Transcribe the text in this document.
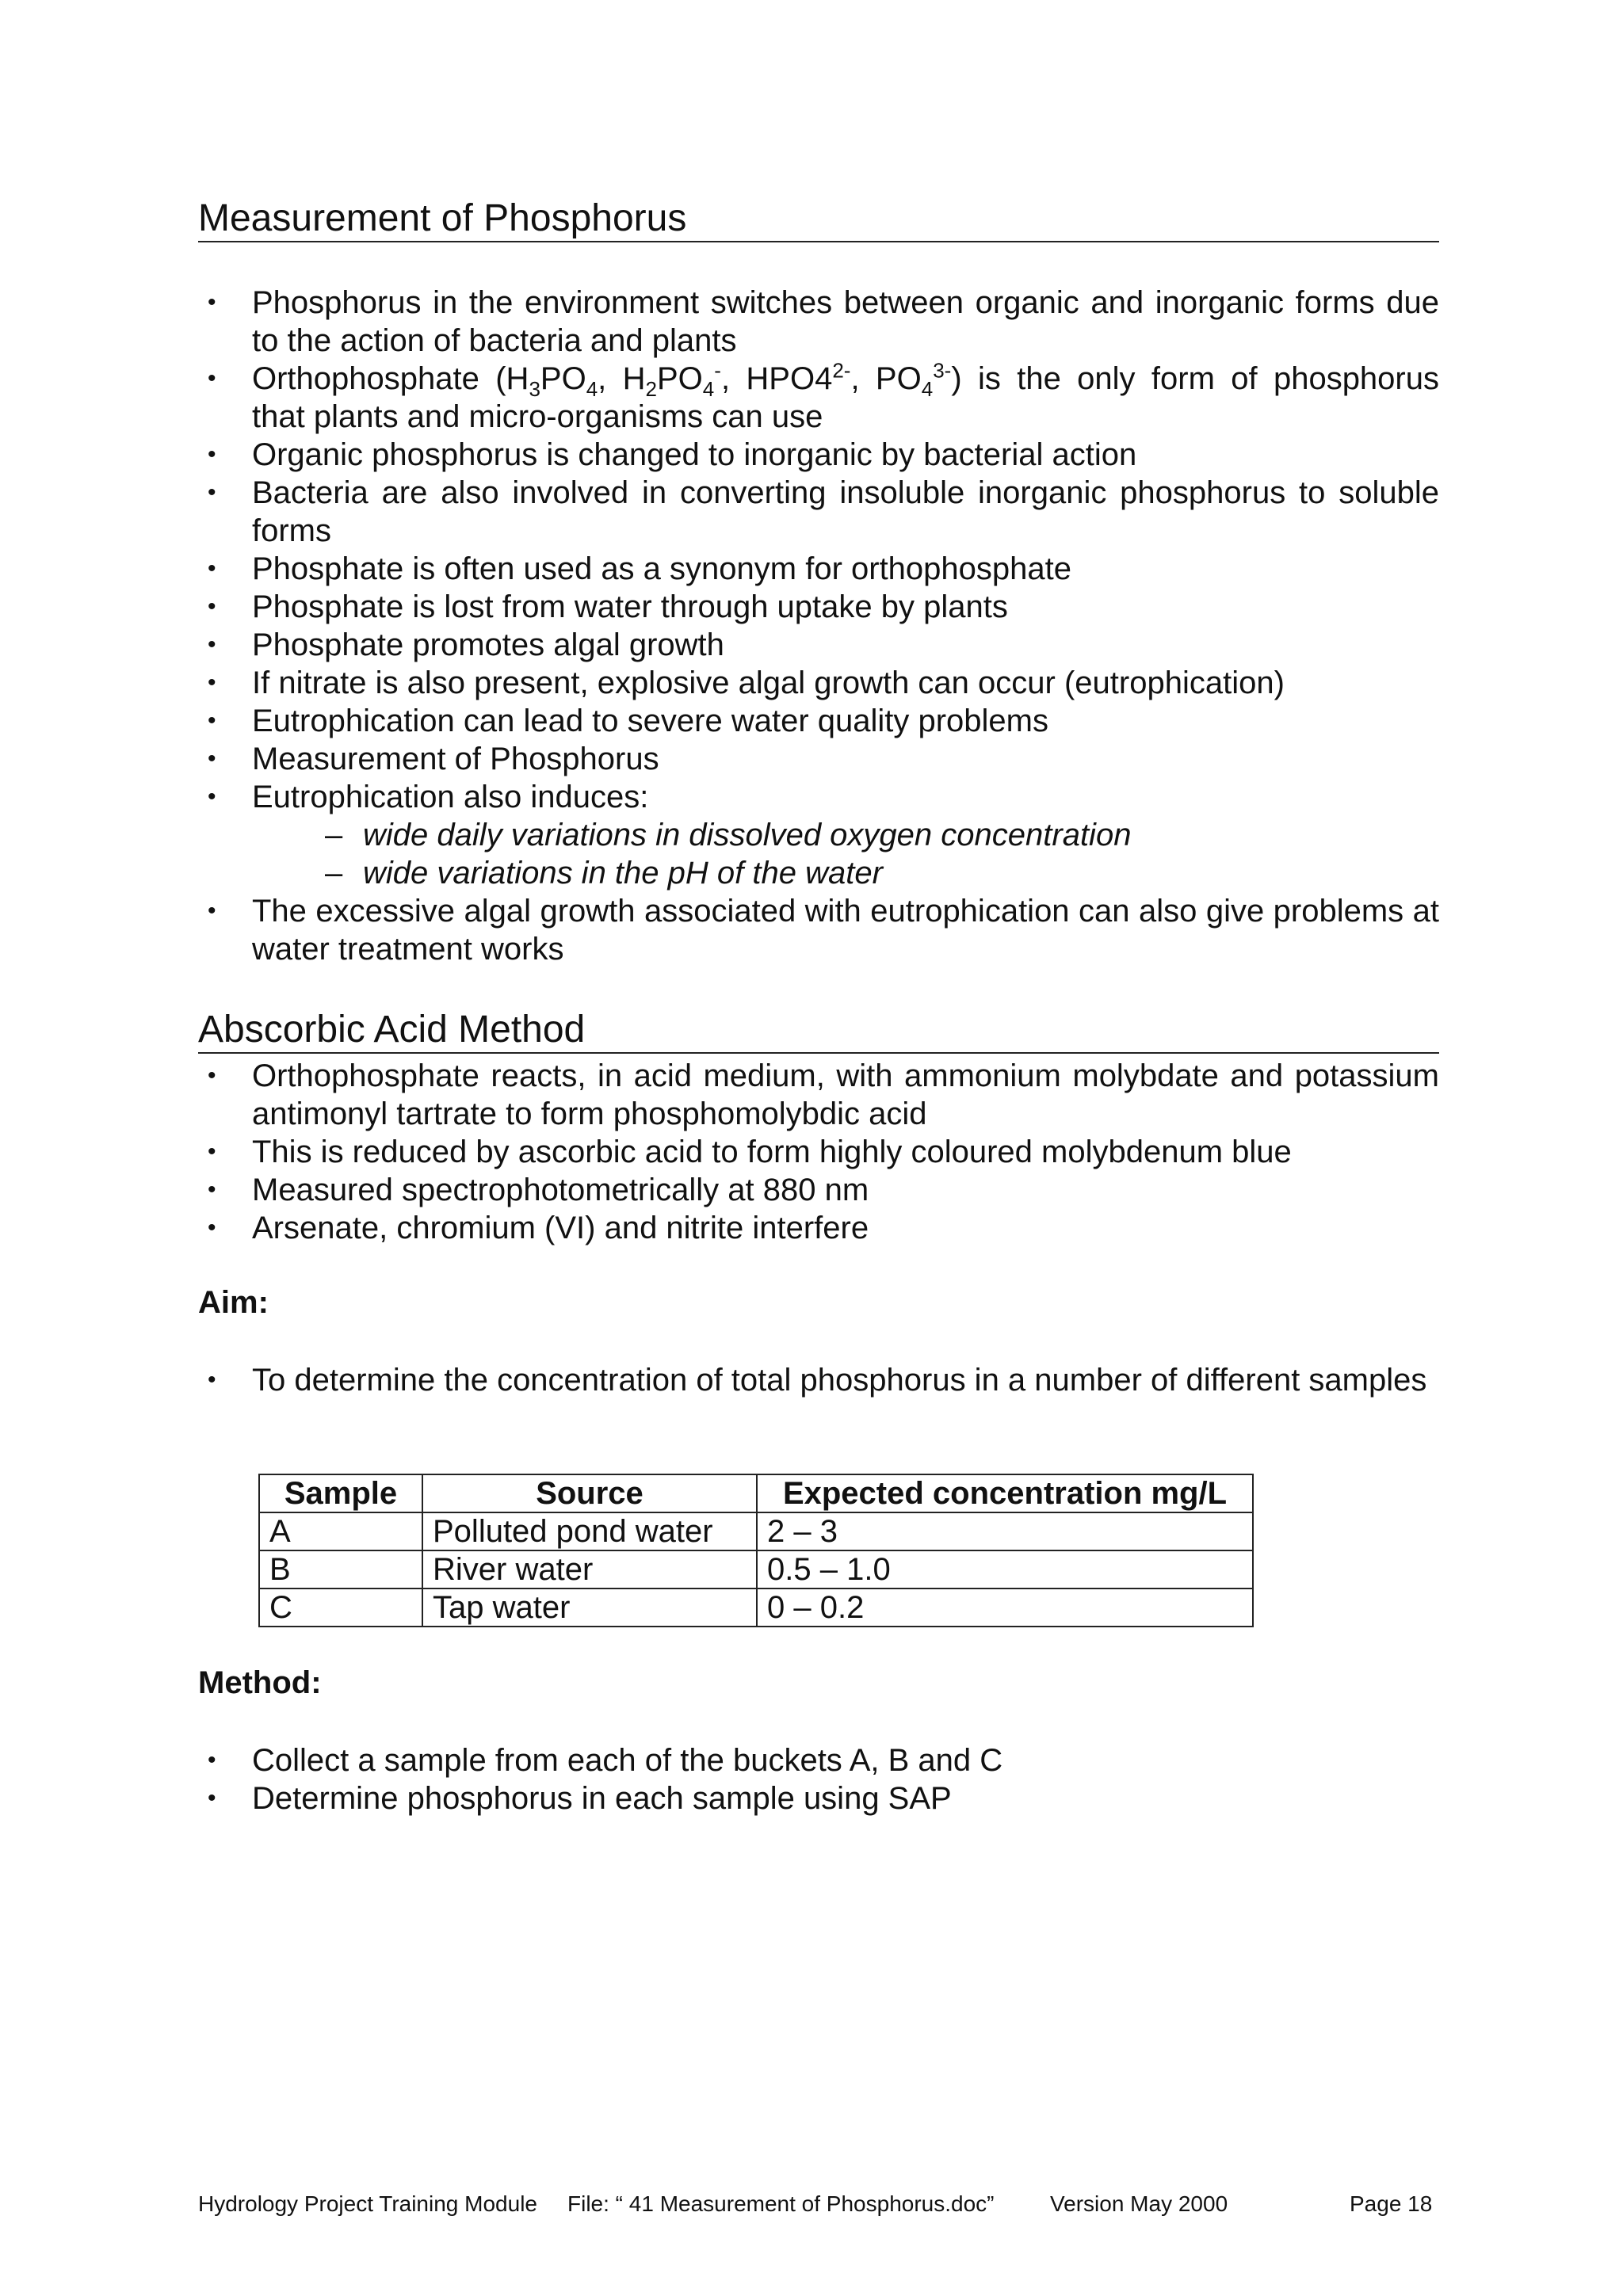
Measurement of Phosphorus
• Phosphorus in the environment switches between organic and inorganic forms due to the action of bacteria and plants
• Orthophosphate ($H_3PO_4$, $H_2PO_4^-$, $HPO4^{2-}$, $PO_4^{3-}$) is the only form of phosphorus
that plants and micro-organisms can use
• Organic phosphorus is changed to inorganic by bacterial action
• Bacteria are also involved in converting insoluble inorganic phosphorus to soluble forms
• Phosphate is often used as a synonym for orthophosphate
• Phosphate is lost from water through uptake by plants
• Phosphate promotes algal growth
• If nitrate is also present, explosive algal growth can occur (eutrophication)
• Eutrophication can lead to severe water quality problems
• Measurement of Phosphorus
• Eutrophication also induces:
– wide daily variations in dissolved oxygen concentration
– wide variations in the pH of the water
• The excessive algal growth associated with eutrophication can also give problems at water treatment works
Abscorbic Acid Method
• Orthophosphate reacts, in acid medium, with ammonium molybdate and potassium antimonyl tartrate to form phosphomolybdic acid
• This is reduced by ascorbic acid to form highly coloured molybdenum blue
• Measured spectrophotometrically at 880 nm
• Arsenate, chromium (VI) and nitrite interfere
Aim:
• To determine the concentration of total phosphorus in a number of different samples
Sample	Source	Expected concentration mg/L
A	Polluted pond water	2 – 3
B	River water	0.5 – 1.0
C	Tap water	0 – 0.2
Method:
• Collect a sample from each of the buckets A, B and C
• Determine phosphorus in each sample using SAP
Hydrology Project Training Module File: “ 41 Measurement of Phosphorus.doc”	Version May 2000	Page 18
